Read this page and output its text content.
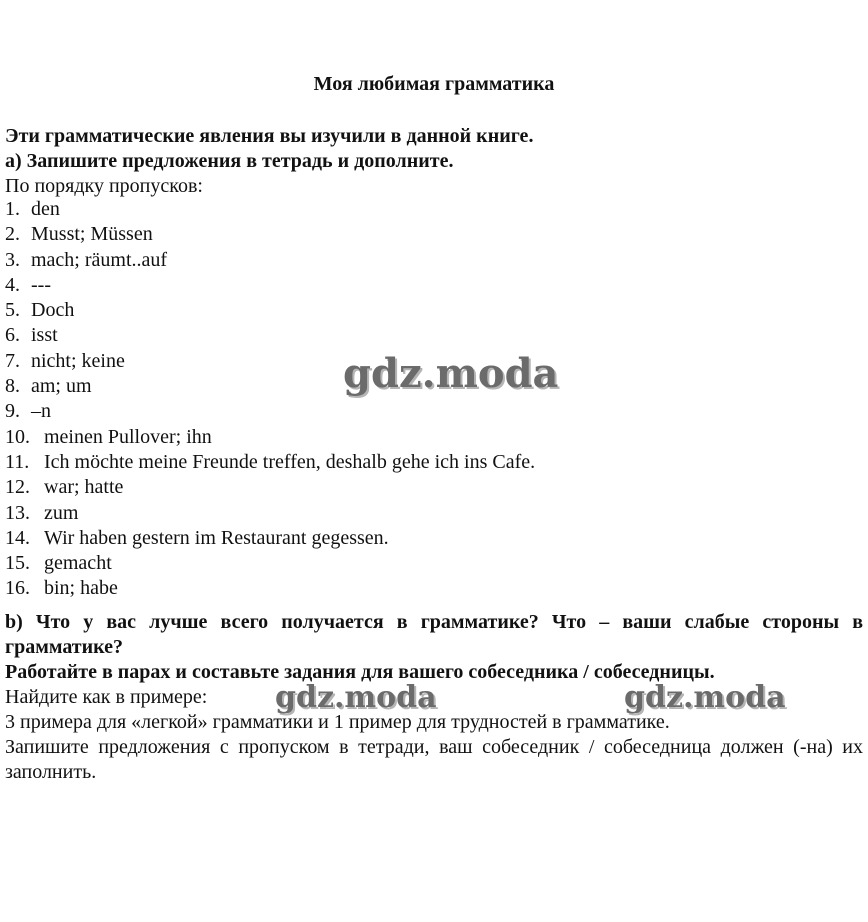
Моя любимая грамматика
Эти грамматические явления вы изучили в данной книге.
a) Запишите предложения в тетрадь и дополните.
По порядку пропусков:
1. den
2. Musst; Müssen
3. mach; räumt..auf
4. ---
5. Doch
6. isst
7. nicht; keine
8. am; um
9. –n
10. meinen Pullover; ihn
11. Ich möchte meine Freunde treffen, deshalb gehe ich ins Cafe.
12. war; hatte
13. zum
14. Wir haben gestern im Restaurant gegessen.
15. gemacht
16. bin; habe
b) Что у вас лучше всего получается в грамматике? Что – ваши слабые стороны в грамматике?
Работайте в парах и составьте задания для вашего собеседника / собеседницы.
Найдите как в примере:
3 примера для «легкой» грамматики и 1 пример для трудностей в грамматике.
Запишите предложения с пропуском в тетради, ваш собеседник / собеседница должен (-на) их заполнить.
gdz.moda
gdz.moda	gdz.moda
